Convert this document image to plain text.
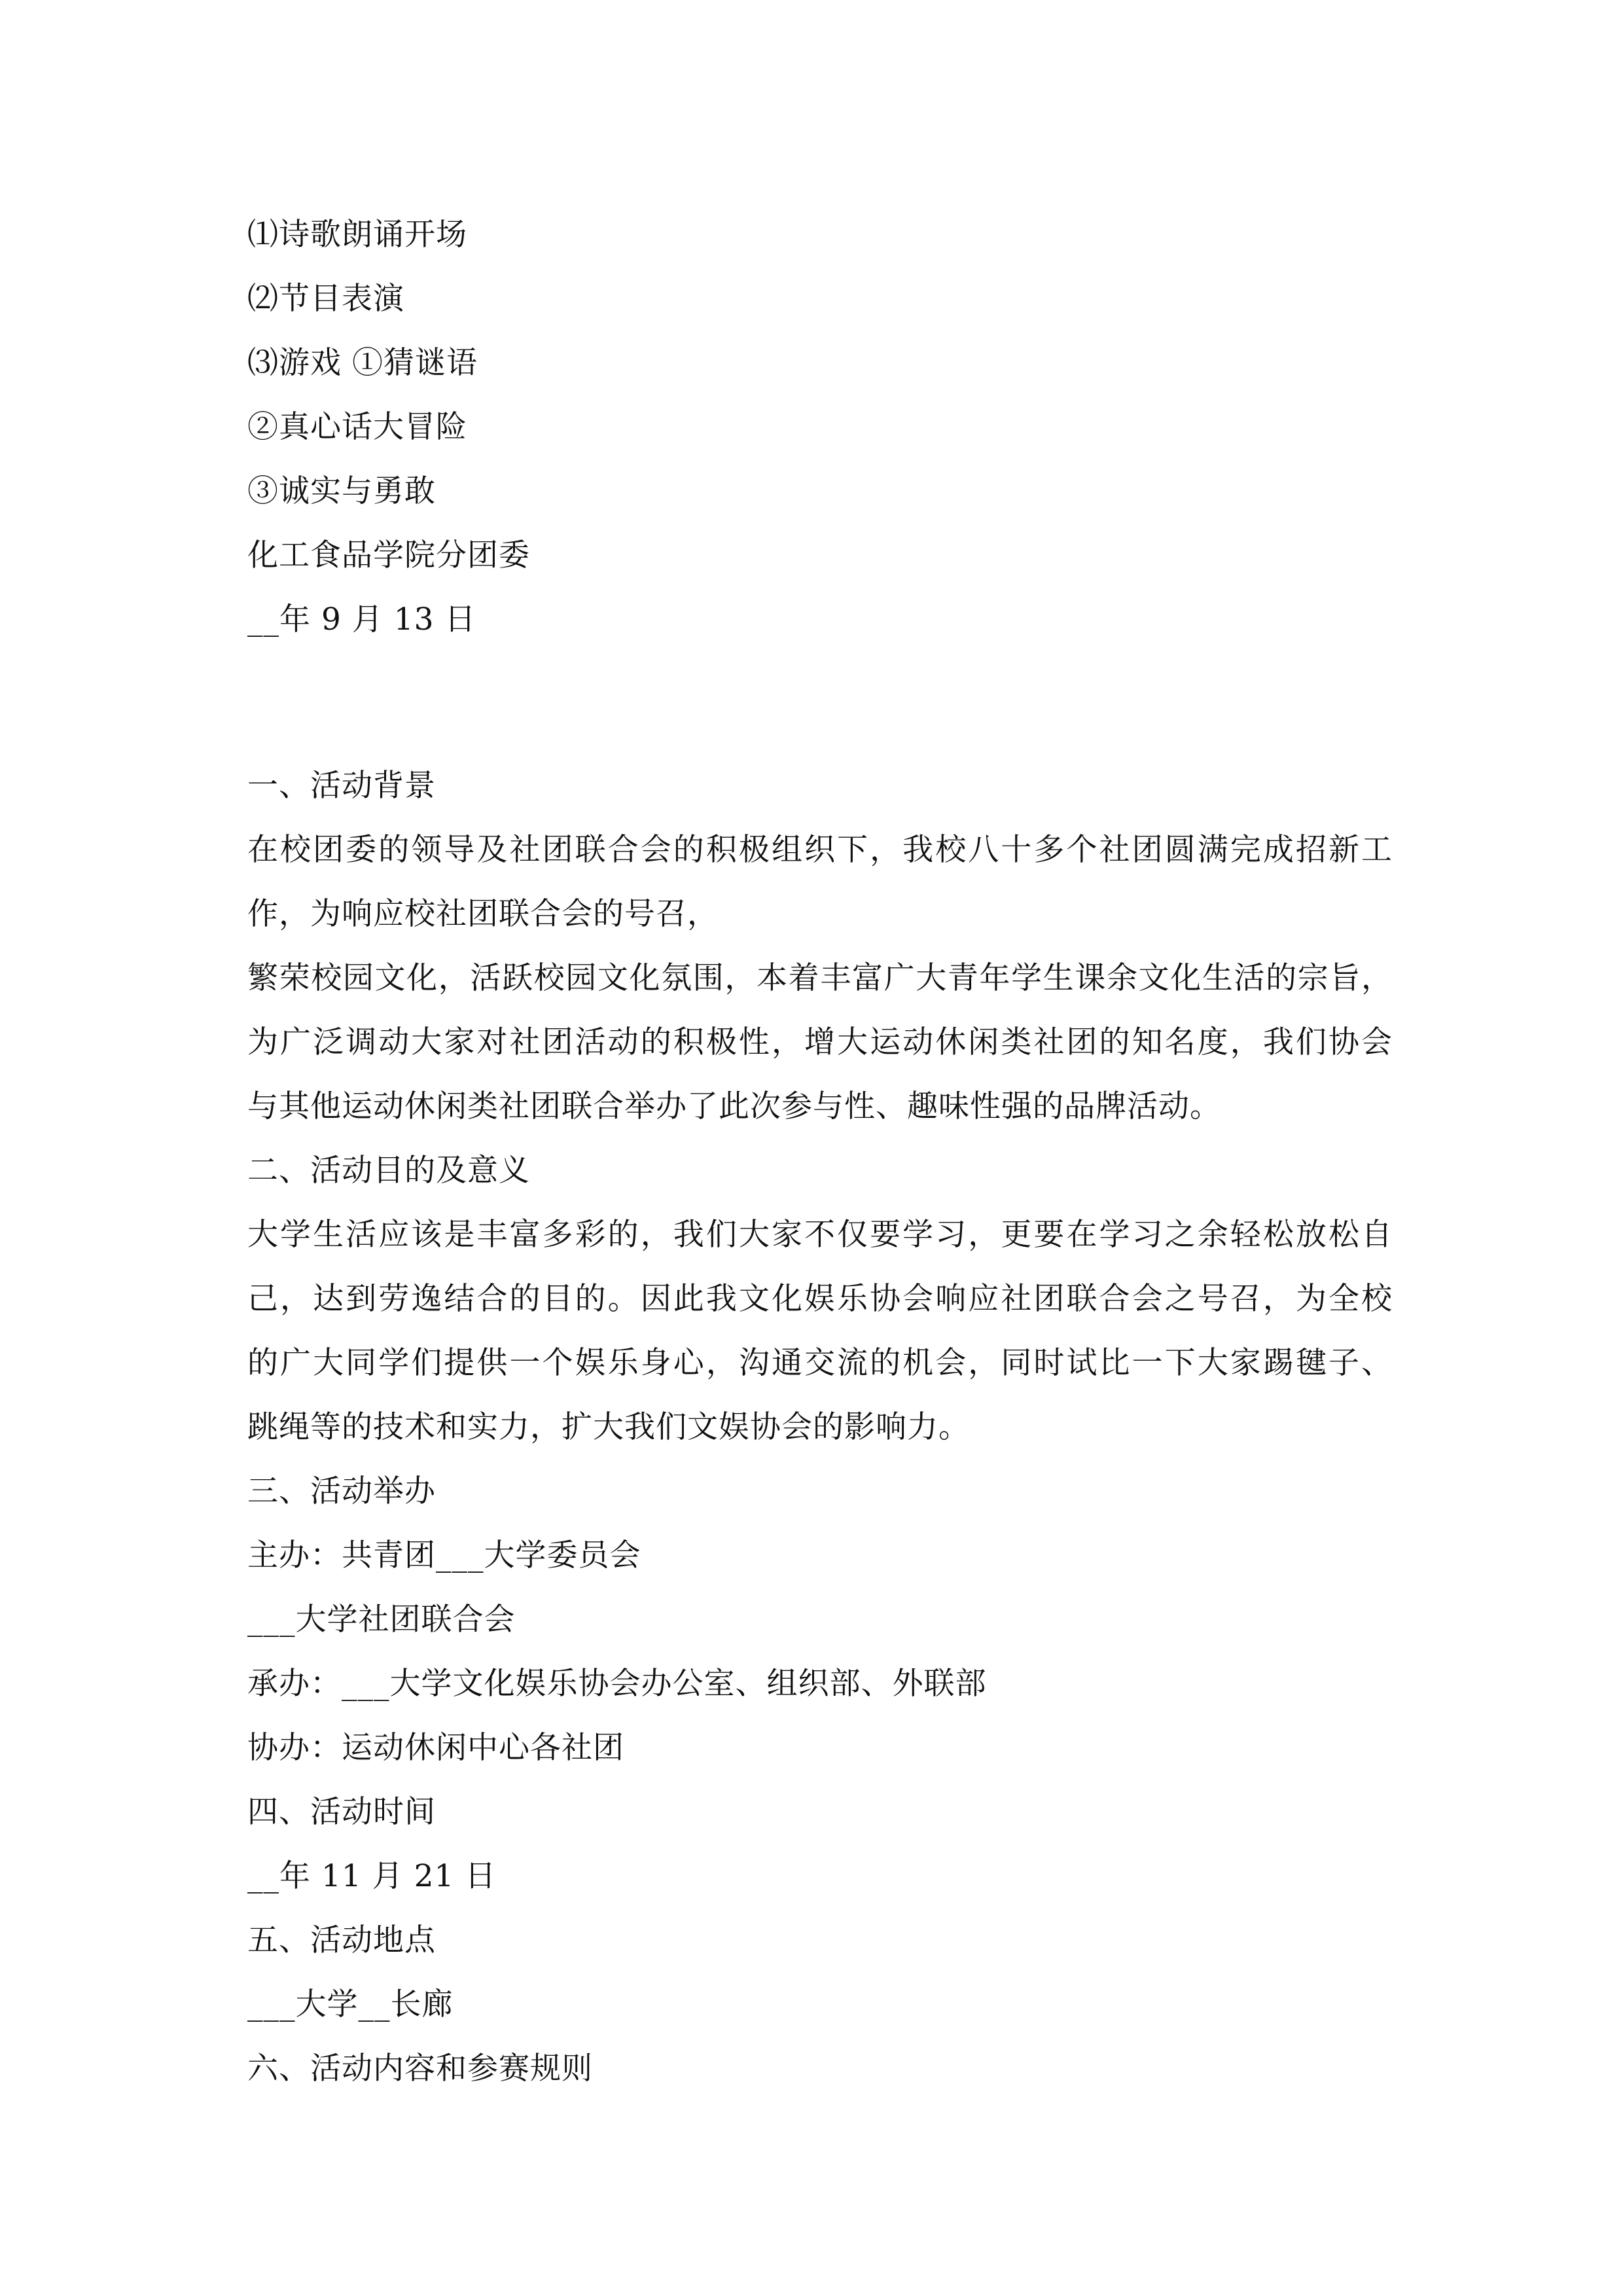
⑴诗歌朗诵开场
⑵节目表演
⑶游戏 ①猜谜语
②真心话大冒险
③诚实与勇敢
化工食品学院分团委
__年 9 月 13 日
一、活动背景
在校团委的领导及社团联合会的积极组织下，我校八十多个社团圆满完成招新工
作，为响应校社团联合会的号召，
繁荣校园文化，活跃校园文化氛围，本着丰富广大青年学生课余文化生活的宗旨，
为广泛调动大家对社团活动的积极性，增大运动休闲类社团的知名度，我们协会
与其他运动休闲类社团联合举办了此次参与性、趣味性强的品牌活动。
二、活动目的及意义
大学生活应该是丰富多彩的，我们大家不仅要学习，更要在学习之余轻松放松自
己，达到劳逸结合的目的。因此我文化娱乐协会响应社团联合会之号召，为全校
的广大同学们提供一个娱乐身心，沟通交流的机会，同时试比一下大家踢毽子、
跳绳等的技术和实力，扩大我们文娱协会的影响力。
三、活动举办
主办：共青团___大学委员会
___大学社团联合会
承办：___大学文化娱乐协会办公室、组织部、外联部
协办：运动休闲中心各社团
四、活动时间
__年 11 月 21 日
五、活动地点
___大学__长廊
六、活动内容和参赛规则
